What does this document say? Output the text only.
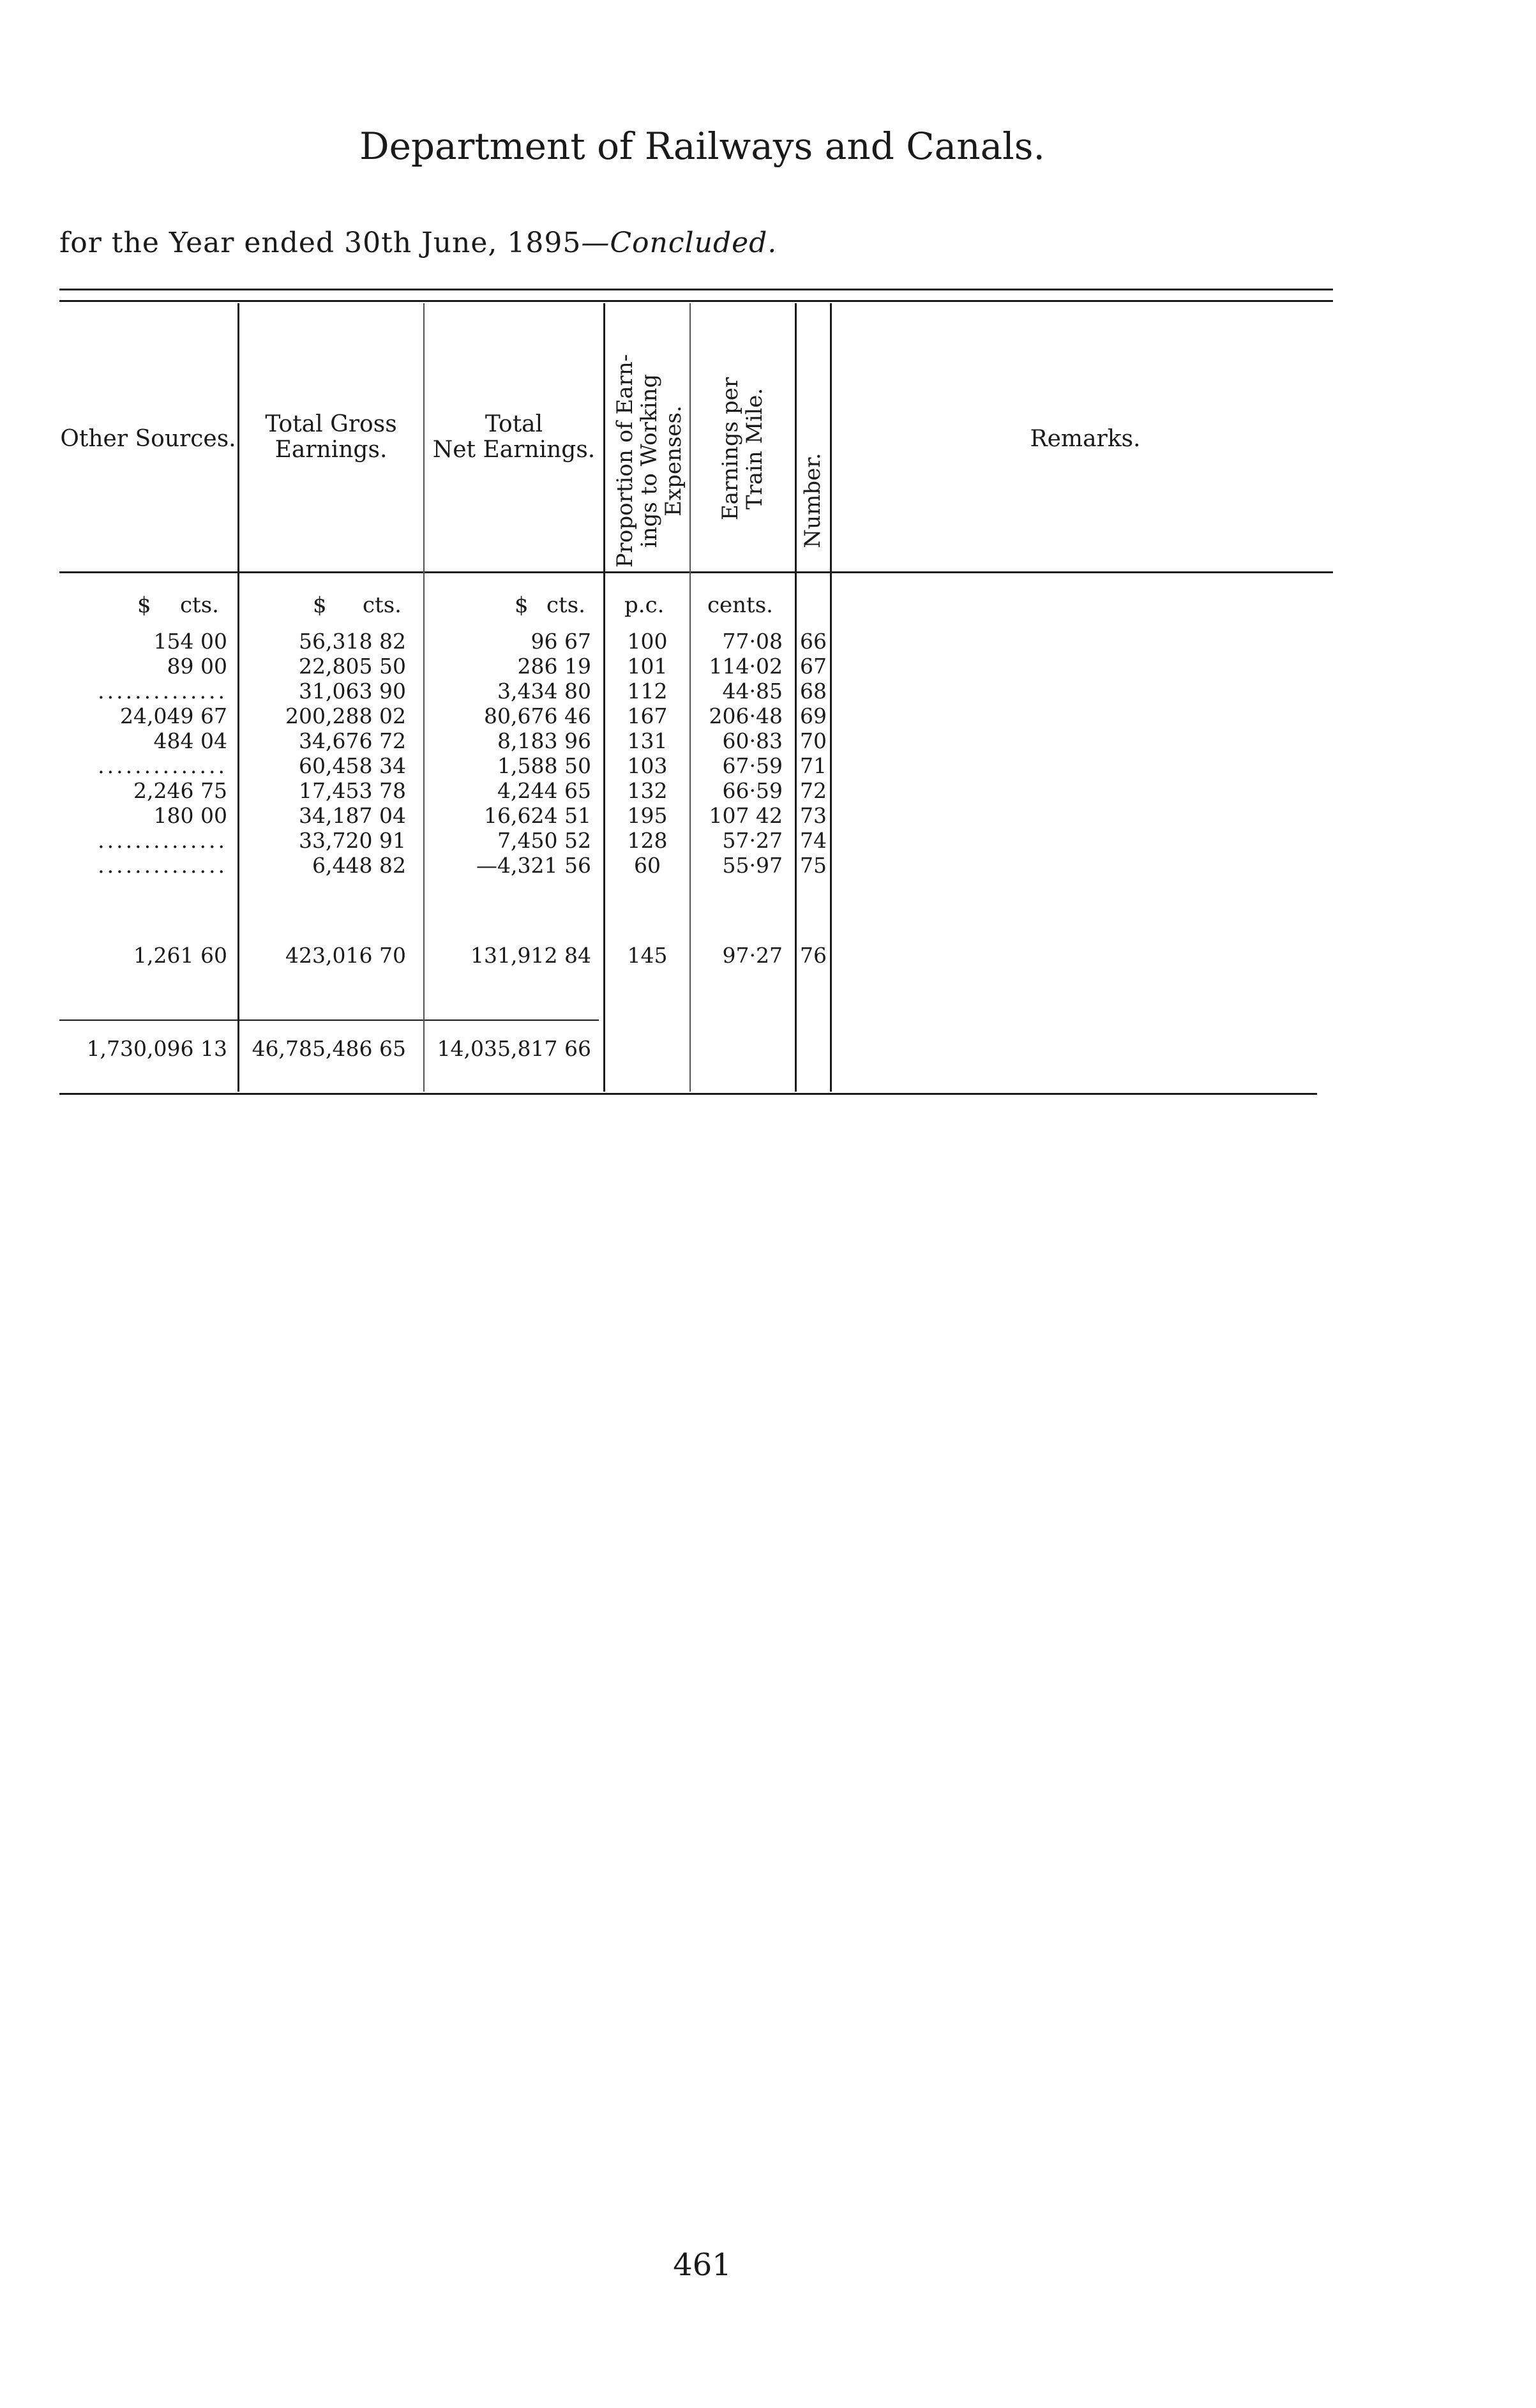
Department of Railways and Canals.
for the Year ended 30th June, 1895—Concluded.
Other Sources.
Total Gross
Earnings.
Total
Net Earnings. Proportion of Earn- ings to Working Expenses. Earnings per Train Mile. Number.
Remarks.
$ cts.	$ cts.	$ cts. p.c. cents.
154 00	56,318 82	96 67	100	77·08 66
89 00	22,805 50	286 19	101	114·02 67
..............	31,063 90	3,434 80	112	44·85 68
24,049 67	200,288 02	80,676 46	167	206·48 69
484 04	34,676 72	8,183 96	131	60·83 70
..............	60,458 34	1,588 50	103	67·59 71
2,246 75	17,453 78	4,244 65	132	66·59 72
180 00	34,187 04	16,624 51	195	107 42 73
..............	33,720 91	7,450 52	128	57·27 74
..............	6,448 82	—4,321 56	60	55·97 75
1,261 60	423,016 70	131,912 84	145	97·27 76
1,730,096 13 46,785,486 65 14,035,817 66
461
